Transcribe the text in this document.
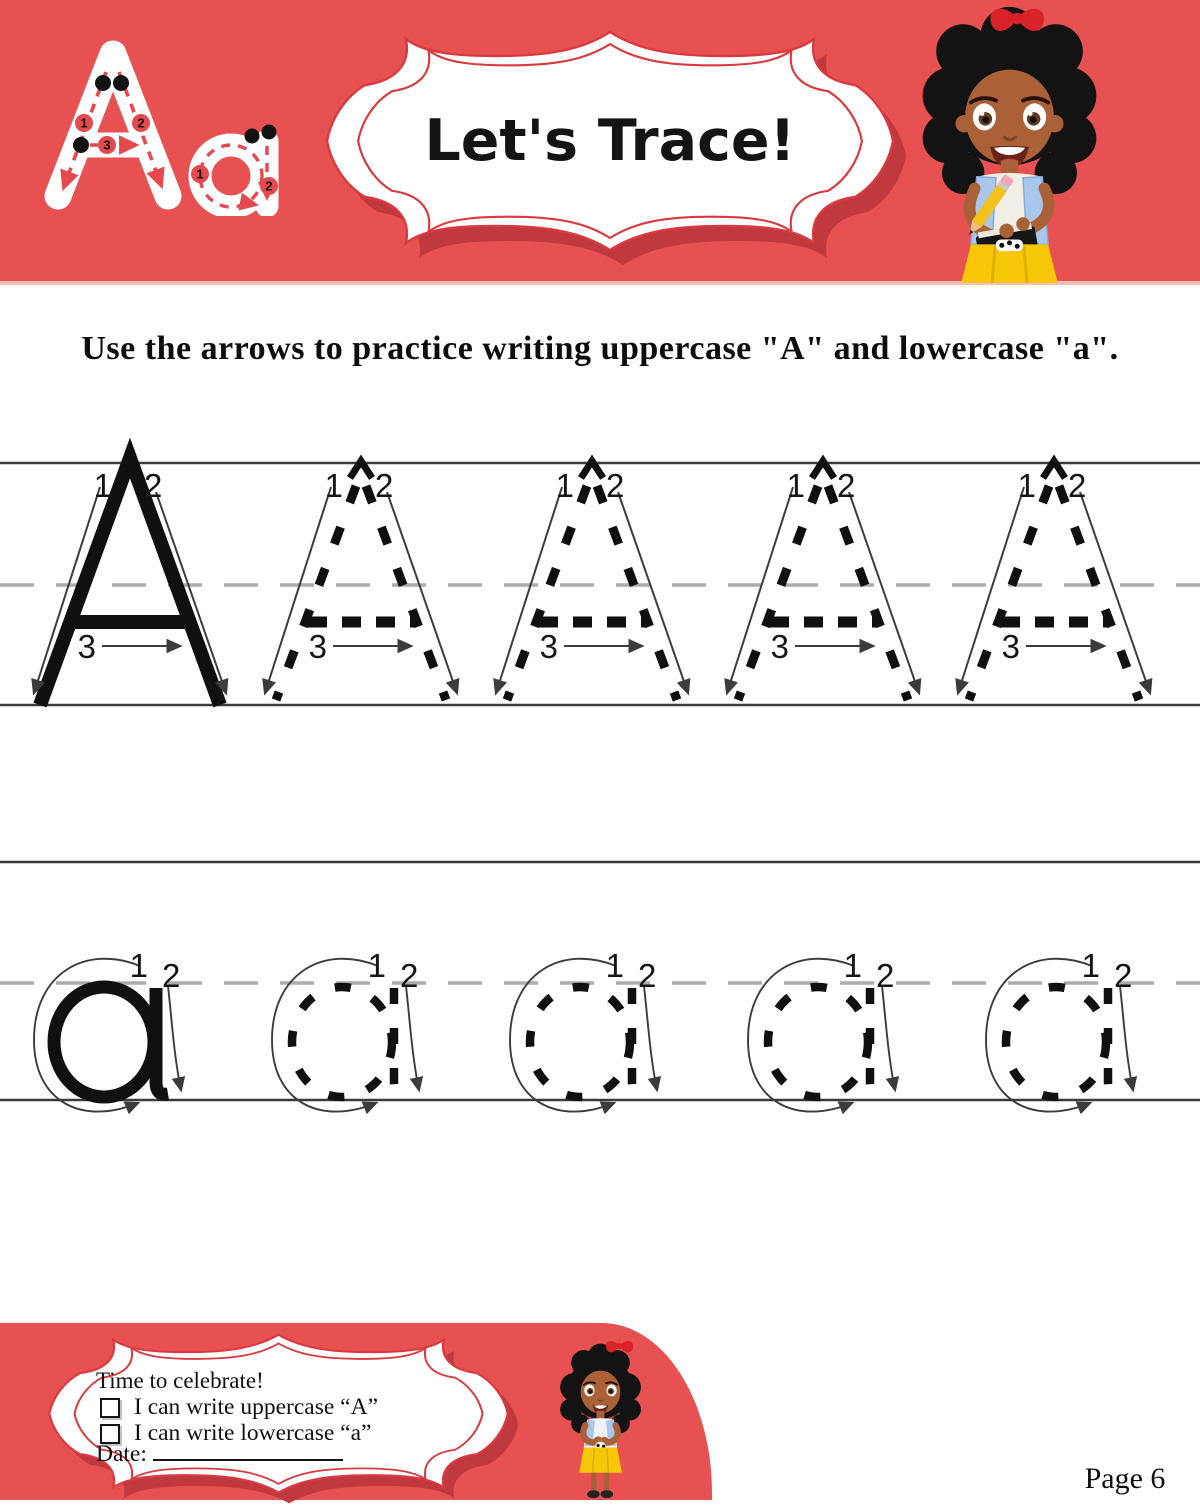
1	2
3
1
2
Let's Trace!
Use the arrows to practice writing uppercase "A" and lowercase "a".
1 2
3
1 2
3
1 2
3
1 2
3
1 2
3
1 2	1 2	1 2	1 2	1 2
Time to celebrate!
I can write uppercase “A”
I can write lowercase “a”
Date:
Page 6
